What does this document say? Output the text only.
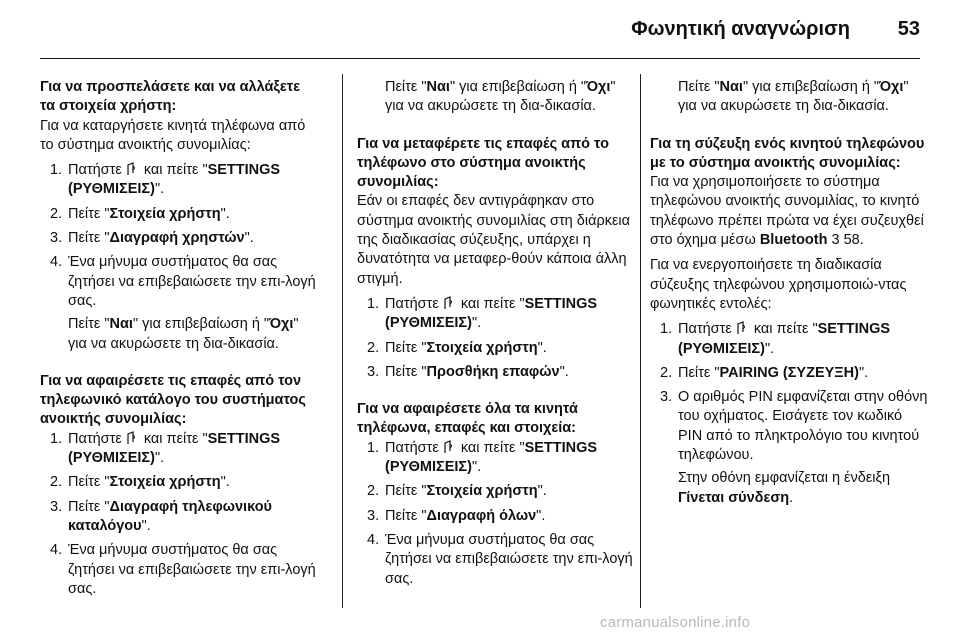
Φωνητική αναγνώριση 53
Για να προσπελάσετε και να αλλάξετε τα στοιχεία χρήστη:
Για να καταργήσετε κινητά τηλέφωνα από το σύστημα ανοικτής συνομιλίας:
1. Πατήστε και πείτε "SETTINGS (ΡΥΘΜΙΣΕΙΣ)".
2. Πείτε "Στοιχεία χρήστη".
3. Πείτε "Διαγραφή χρηστών".
4. Ένα μήνυμα συστήματος θα σας ζητήσει να επιβεβαιώσετε την επι-λογή σας.
Πείτε "Ναι" για επιβεβαίωση ή "Όχι" για να ακυρώσετε τη δια-δικασία.
Για να αφαιρέσετε τις επαφές από τον τηλεφωνικό κατάλογο του συστήματος ανοικτής συνομιλίας:
1. Πατήστε και πείτε "SETTINGS (ΡΥΘΜΙΣΕΙΣ)".
2. Πείτε "Στοιχεία χρήστη".
3. Πείτε "Διαγραφή τηλεφωνικού καταλόγου".
4. Ένα μήνυμα συστήματος θα σας ζητήσει να επιβεβαιώσετε την επι-λογή σας.
Πείτε "Ναι" για επιβεβαίωση ή "Όχι" για να ακυρώσετε τη δια-δικασία.
Για να μεταφέρετε τις επαφές από το τηλέφωνο στο σύστημα ανοικτής συνομιλίας:
Εάν οι επαφές δεν αντιγράφηκαν στο σύστημα ανοικτής συνομιλίας στη διάρκεια της διαδικασίας σύζευξης, υπάρχει η δυνατότητα να μεταφερ-θούν κάποια άλλη στιγμή.
1. Πατήστε και πείτε "SETTINGS (ΡΥΘΜΙΣΕΙΣ)".
2. Πείτε "Στοιχεία χρήστη".
3. Πείτε "Προσθήκη επαφών".
Για να αφαιρέσετε όλα τα κινητά τηλέφωνα, επαφές και στοιχεία:
1. Πατήστε και πείτε "SETTINGS (ΡΥΘΜΙΣΕΙΣ)".
2. Πείτε "Στοιχεία χρήστη".
3. Πείτε "Διαγραφή όλων".
4. Ένα μήνυμα συστήματος θα σας ζητήσει να επιβεβαιώσετε την επι-λογή σας.
Πείτε "Ναι" για επιβεβαίωση ή "Όχι" για να ακυρώσετε τη δια-δικασία.
Για τη σύζευξη ενός κινητού τηλεφώνου με το σύστημα ανοικτής συνομιλίας:
Για να χρησιμοποιήσετε το σύστημα τηλεφώνου ανοικτής συνομιλίας, το κινητό τηλέφωνο πρέπει πρώτα να έχει συζευχθεί στο όχημα μέσω Bluetooth 3 58.
Για να ενεργοποιήσετε τη διαδικασία σύζευξης τηλεφώνου χρησιμοποιώ-ντας φωνητικές εντολές:
1. Πατήστε και πείτε "SETTINGS (ΡΥΘΜΙΣΕΙΣ)".
2. Πείτε "PAIRING (ΣΥΖΕΥΞΗ)".
3. Ο αριθμός PIN εμφανίζεται στην οθόνη του οχήματος. Εισάγετε τον κωδικό PIN από το πληκτρολόγιο του κινητού τηλεφώνου.
Στην οθόνη εμφανίζεται η ένδειξη Γίνεται σύνδεση.
carmanualsonline.info
